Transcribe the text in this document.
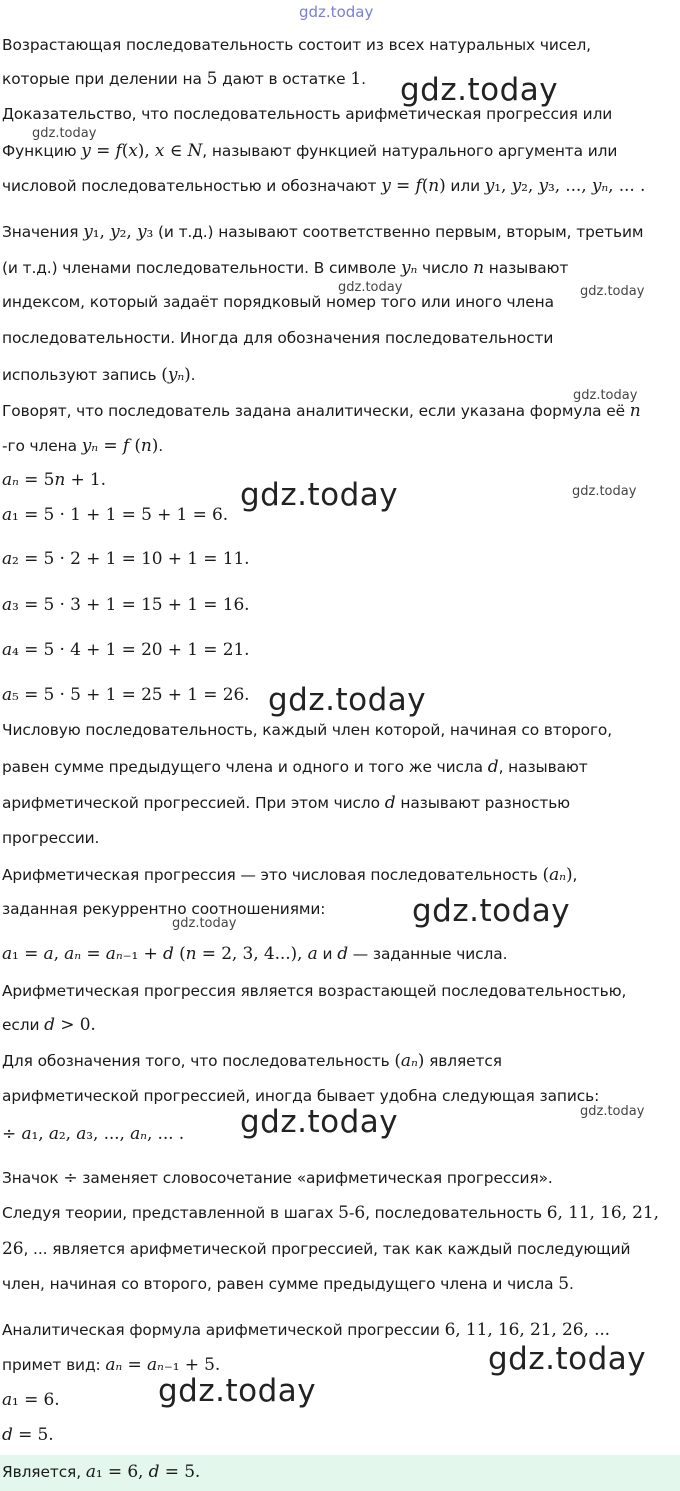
Возрастающая последовательность состоит из всех натуральных чисел,
которые при делении на 5 дают в остатке 1.
Доказательство, что последовательность арифметическая прогрессия или
Функцию y = f(x), x ∈ N, называют функцией натурального аргумента или
числовой последовательностью и обозначают y = f(n) или y₁, y₂, y₃, ..., yₙ, ... .
Значения y₁, y₂, y₃ (и т.д.) называют соответственно первым, вторым, третьим
(и т.д.) членами последовательности. В символе yₙ число n называют
индексом, который задаёт порядковый номер того или иного члена
последовательности. Иногда для обозначения последовательности
используют запись (yₙ).
Говорят, что последователь задана аналитически, если указана формула её n
-го члена yₙ = f (n).
aₙ = 5n + 1.
a₁ = 5 · 1 + 1 = 5 + 1 = 6.
a₂ = 5 · 2 + 1 = 10 + 1 = 11.
a₃ = 5 · 3 + 1 = 15 + 1 = 16.
a₄ = 5 · 4 + 1 = 20 + 1 = 21.
a₅ = 5 · 5 + 1 = 25 + 1 = 26.
Числовую последовательность, каждый член которой, начиная со второго,
равен сумме предыдущего члена и одного и того же числа d, называют
арифметической прогрессией. При этом число d называют разностью
прогрессии.
Арифметическая прогрессия — это числовая последовательность (aₙ),
заданная рекуррентно соотношениями:
a₁ = a, aₙ = aₙ₋₁ + d (n = 2, 3, 4...), a и d — заданные числа.
Арифметическая прогрессия является возрастающей последовательностью,
если d > 0.
Для обозначения того, что последовательность (aₙ) является
арифметической прогрессией, иногда бывает удобна следующая запись:
÷ a₁, a₂, a₃, ..., aₙ, ... .
Значок ÷ заменяет словосочетание «арифметическая прогрессия».
Следуя теории, представленной в шагах 5-6, последовательность 6, 11, 16, 21,
26, ... является арифметической прогрессией, так как каждый последующий
член, начиная со второго, равен сумме предыдущего члена и числа 5.
Аналитическая формула арифметической прогрессии 6, 11, 16, 21, 26, ...
примет вид: aₙ = aₙ₋₁ + 5.
a₁ = 6.
d = 5.
Является, a₁ = 6, d = 5.
gdz.today
gdz.today
gdz.today
gdz.today	gdz.today
gdz.today
gdz.today	gdz.today
gdz.today
gdz.today
gdz.today
gdz.today
gdz.today
gdz.today
gdz.today
